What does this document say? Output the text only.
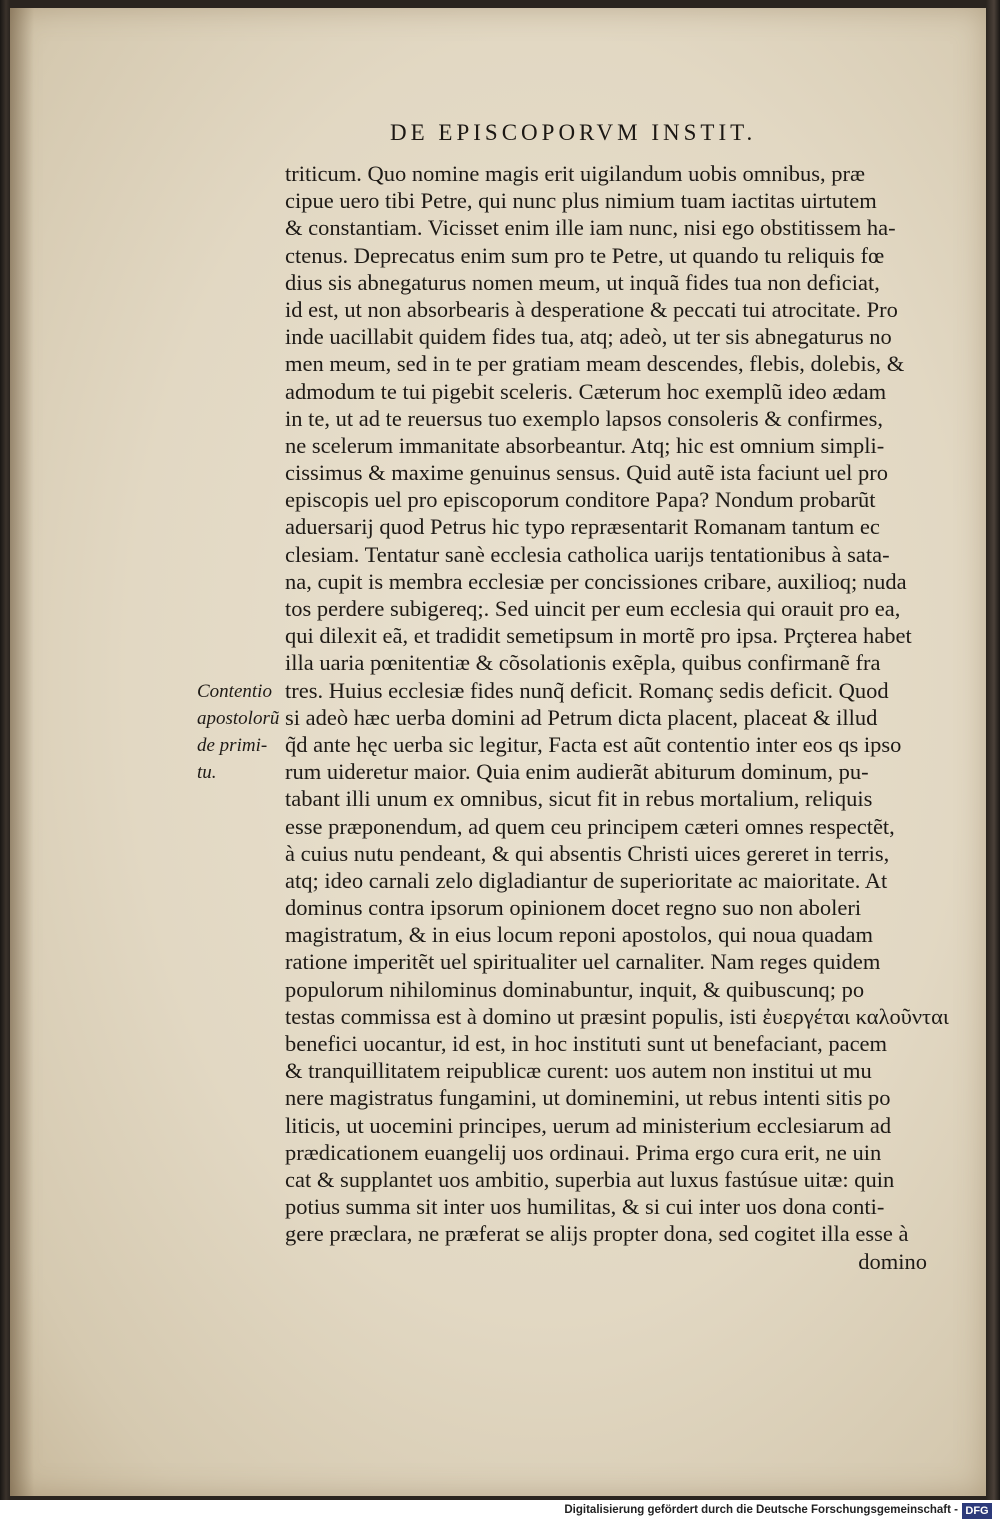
DE EPISCOPORVM INSTIT.
Contentio
apostolorũ
de primi-
tu.
triticum. Quo nomine magis erit uigilandum uobis omnibus, præ
cipue uero tibi Petre, qui nunc plus nimium tuam iactitas uirtutem
& constantiam. Vicisset enim ille iam nunc, nisi ego obstitissem ha-
ctenus. Deprecatus enim sum pro te Petre, ut quando tu reliquis fœ
dius sis abnegaturus nomen meum, ut inquã fides tua non deficiat,
id est, ut non absorbearis à desperatione & peccati tui atrocitate. Pro
inde uacillabit quidem fides tua, atq; adeò, ut ter sis abnegaturus no
men meum, sed in te per gratiam meam descendes, flebis, dolebis, &
admodum te tui pigebit sceleris. Cæterum hoc exemplũ ideo ædam
in te, ut ad te reuersus tuo exemplo lapsos consoleris & confirmes,
ne scelerum immanitate absorbeantur. Atq; hic est omnium simpli-
cissimus & maxime genuinus sensus. Quid autẽ ista faciunt uel pro
episcopis uel pro episcoporum conditore Papa? Nondum probarũt
aduersarij quod Petrus hic typo repræsentarit Romanam tantum ec
clesiam. Tentatur sanè ecclesia catholica uarijs tentationibus à sata-
na, cupit is membra ecclesiæ per concissiones cribare, auxilioq; nuda
tos perdere subigereq;. Sed uincit per eum ecclesia qui orauit pro ea,
qui dilexit eã, et tradidit semetipsum in mortẽ pro ipsa. Prçterea habet
illa uaria pœnitentiæ & cõsolationis exẽpla, quibus confirmanẽ fra
tres. Huius ecclesiæ fides nunq̃ deficit. Romanç sedis deficit. Quod
si adeò hæc uerba domini ad Petrum dicta placent, placeat & illud
q̃d ante hęc uerba sic legitur, Facta est aũt contentio inter eos qs ipso
rum uideretur maior. Quia enim audierãt abiturum dominum, pu-
tabant illi unum ex omnibus, sicut fit in rebus mortalium, reliquis
esse præponendum, ad quem ceu principem cæteri omnes respectẽt,
à cuius nutu pendeant, & qui absentis Christi uices gereret in terris,
atq; ideo carnali zelo digladiantur de superioritate ac maioritate. At
dominus contra ipsorum opinionem docet regno suo non aboleri
magistratum, & in eius locum reponi apostolos, qui noua quadam
ratione imperitẽt uel spiritualiter uel carnaliter. Nam reges quidem
populorum nihilominus dominabuntur, inquit, & quibuscunq; po
testas commissa est à domino ut præsint populis, isti ἐυεργέται καλοῦνται
benefici uocantur, id est, in hoc instituti sunt ut benefaciant, pacem
& tranquillitatem reipublicæ curent: uos autem non institui ut mu
nere magistratus fungamini, ut dominemini, ut rebus intenti sitis po
liticis, ut uocemini principes, uerum ad ministerium ecclesiarum ad
prædicationem euangelij uos ordinaui. Prima ergo cura erit, ne uin
cat & supplantet uos ambitio, superbia aut luxus fastúsue uitæ: quin
potius summa sit inter uos humilitas, & si cui inter uos dona conti-
gere præclara, ne præferat se alijs propter dona, sed cogitet illa esse à
domino
Digitalisierung gefördert durch die Deutsche Forschungsgemeinschaft - DFG
